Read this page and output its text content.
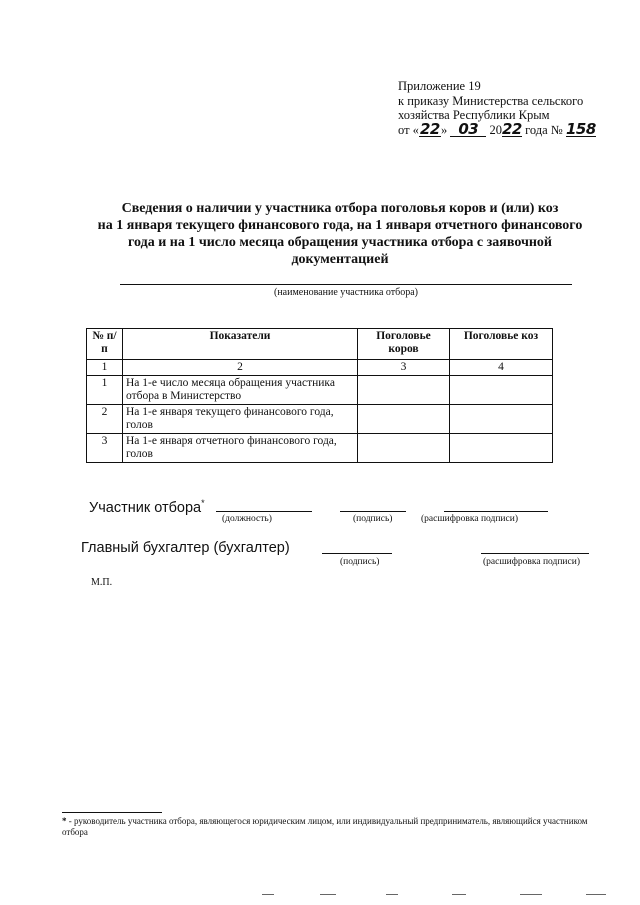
Приложение 19
к приказу Министерства сельского
хозяйства Республики Крым
от «22» 03 2022 года № 158
Сведения о наличии у участника отбора поголовья коров и (или) коз
на 1 января текущего финансового года, на 1 января отчетного финансового
года и на 1 число месяца обращения участника отбора с заявочной
документацией
(наименование участника отбора)
№ п/п	Показатели	Поголовье коров	Поголовье коз
1	2	3	4
1	На 1-е число месяца обращения участника отбора в Министерство		
2	На 1-е января текущего финансового года, голов		
3	На 1-е января отчетного финансового года, голов		
Участник отбора*
(должность)	(подпись)	(расшифровка подписи)
Главный бухгалтер (бухгалтер)
(подпись)	(расшифровка подписи)
М.П.
* - руководитель участника отбора, являющегося юридическим лицом, или индивидуальный предприниматель, являющийся участником отбора
